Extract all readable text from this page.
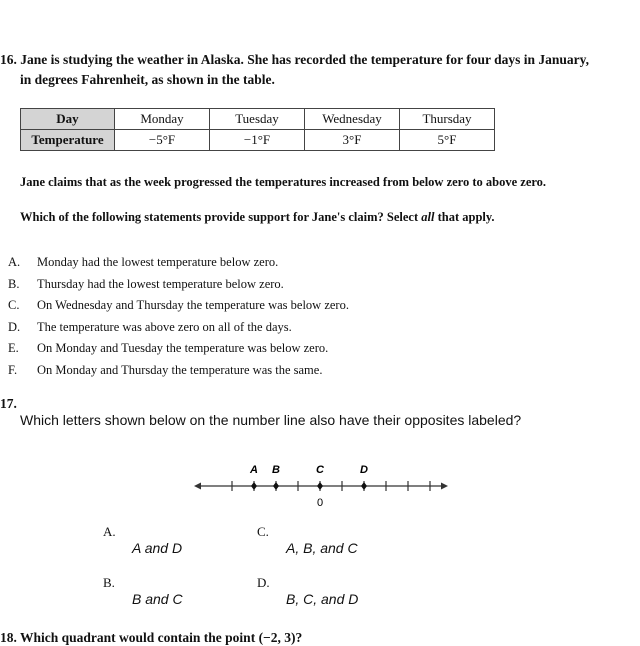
16. Jane is studying the weather in Alaska. She has recorded the temperature for four days in January,
in degrees Fahrenheit, as shown in the table.
Day	Monday	Tuesday	Wednesday	Thursday
Temperature	−5°F	−1°F	3°F	5°F
Jane claims that as the week progressed the temperatures increased from below zero to above zero.
Which of the following statements provide support for Jane's claim? Select all that apply.
A. Monday had the lowest temperature below zero.
B. Thursday had the lowest temperature below zero.
C. On Wednesday and Thursday the temperature was below zero.
D. The temperature was above zero on all of the days.
E. On Monday and Tuesday the temperature was below zero.
F. On Monday and Thursday the temperature was the same.
17.
Which letters shown below on the number line also have their opposites labeled?
A B	C	D
0
A.
A and D
C.
A, B, and C
B.
B and C
D.
B, C, and D
18. Which quadrant would contain the point (−2, 3)?
